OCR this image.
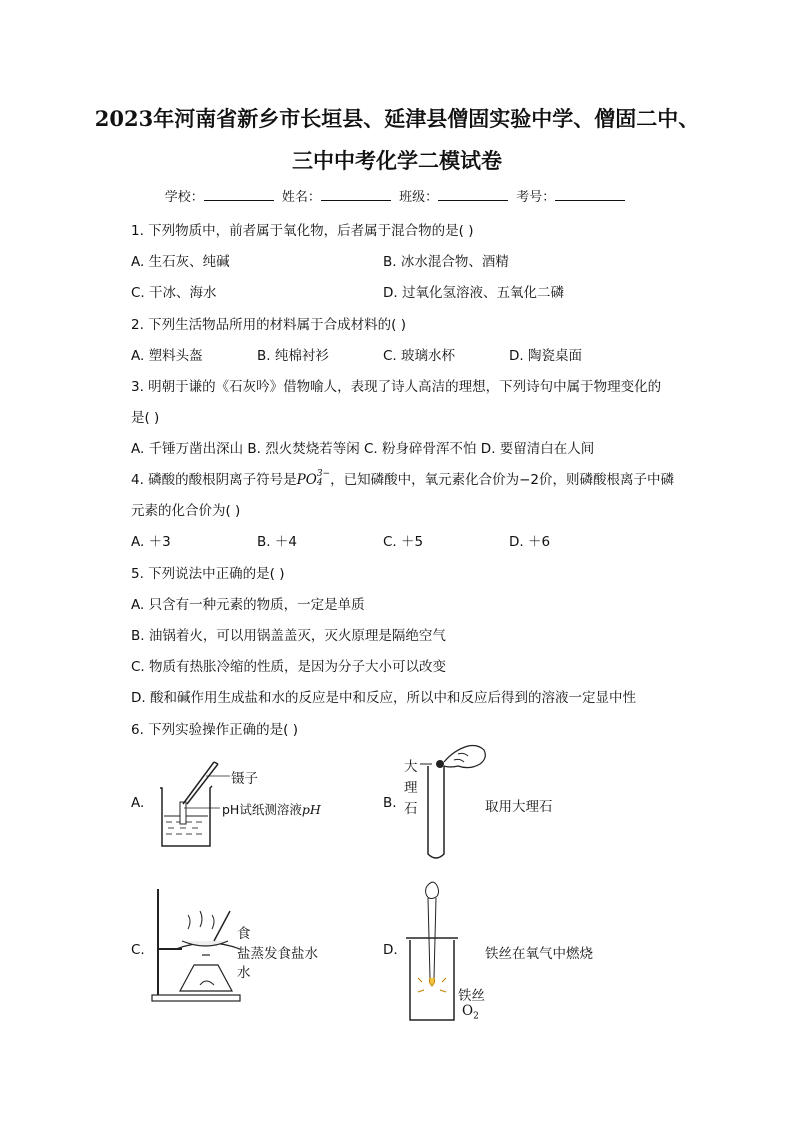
2023年河南省新乡市长垣县、延津县僧固实验中学、僧固二中、
三中中考化学二模试卷
学校：	姓名：	班级：	考号：
1. 下列物质中，前者属于氧化物，后者属于混合物的是( )
A. 生石灰、纯碱	B. 冰水混合物、酒精
C. 干冰、海水	D. 过氧化氢溶液、五氧化二磷
2. 下列生活物品所用的材料属于合成材料的( )
A. 塑料头盔	B. 纯棉衬衫	C. 玻璃水杯	D. 陶瓷桌面
3. 明朝于谦的《石灰吟》借物喻人，表现了诗人高洁的理想，下列诗句中属于物理变化的
是( )
A. 千锤万凿出深山 B. 烈火焚烧若等闲 C. 粉身碎骨浑不怕 D. 要留清白在人间
4. 磷酸的酸根阴离子符号是PO3−
4 ，已知磷酸中，氧元素化合价为−2价，则磷酸根离子中磷
元素的化合价为( )
A. ＋3	B. ＋4	C. ＋5	D. ＋6
5. 下列说法中正确的是( )
A. 只含有一种元素的物质，一定是单质
B. 油锅着火，可以用锅盖盖灭，灭火原理是隔绝空气
C. 物质有热胀冷缩的性质，是因为分子大小可以改变
D. 酸和碱作用生成盐和水的反应是中和反应，所以中和反应后得到的溶液一定显中性
6. 下列实验操作正确的是( )
A.
镊子
pH试纸测溶液pH	B.
大
理
石	取用大理石
C.
食
盐蒸发食盐水
水
D.	铁丝在氧气中燃烧
铁丝
$O_2$
